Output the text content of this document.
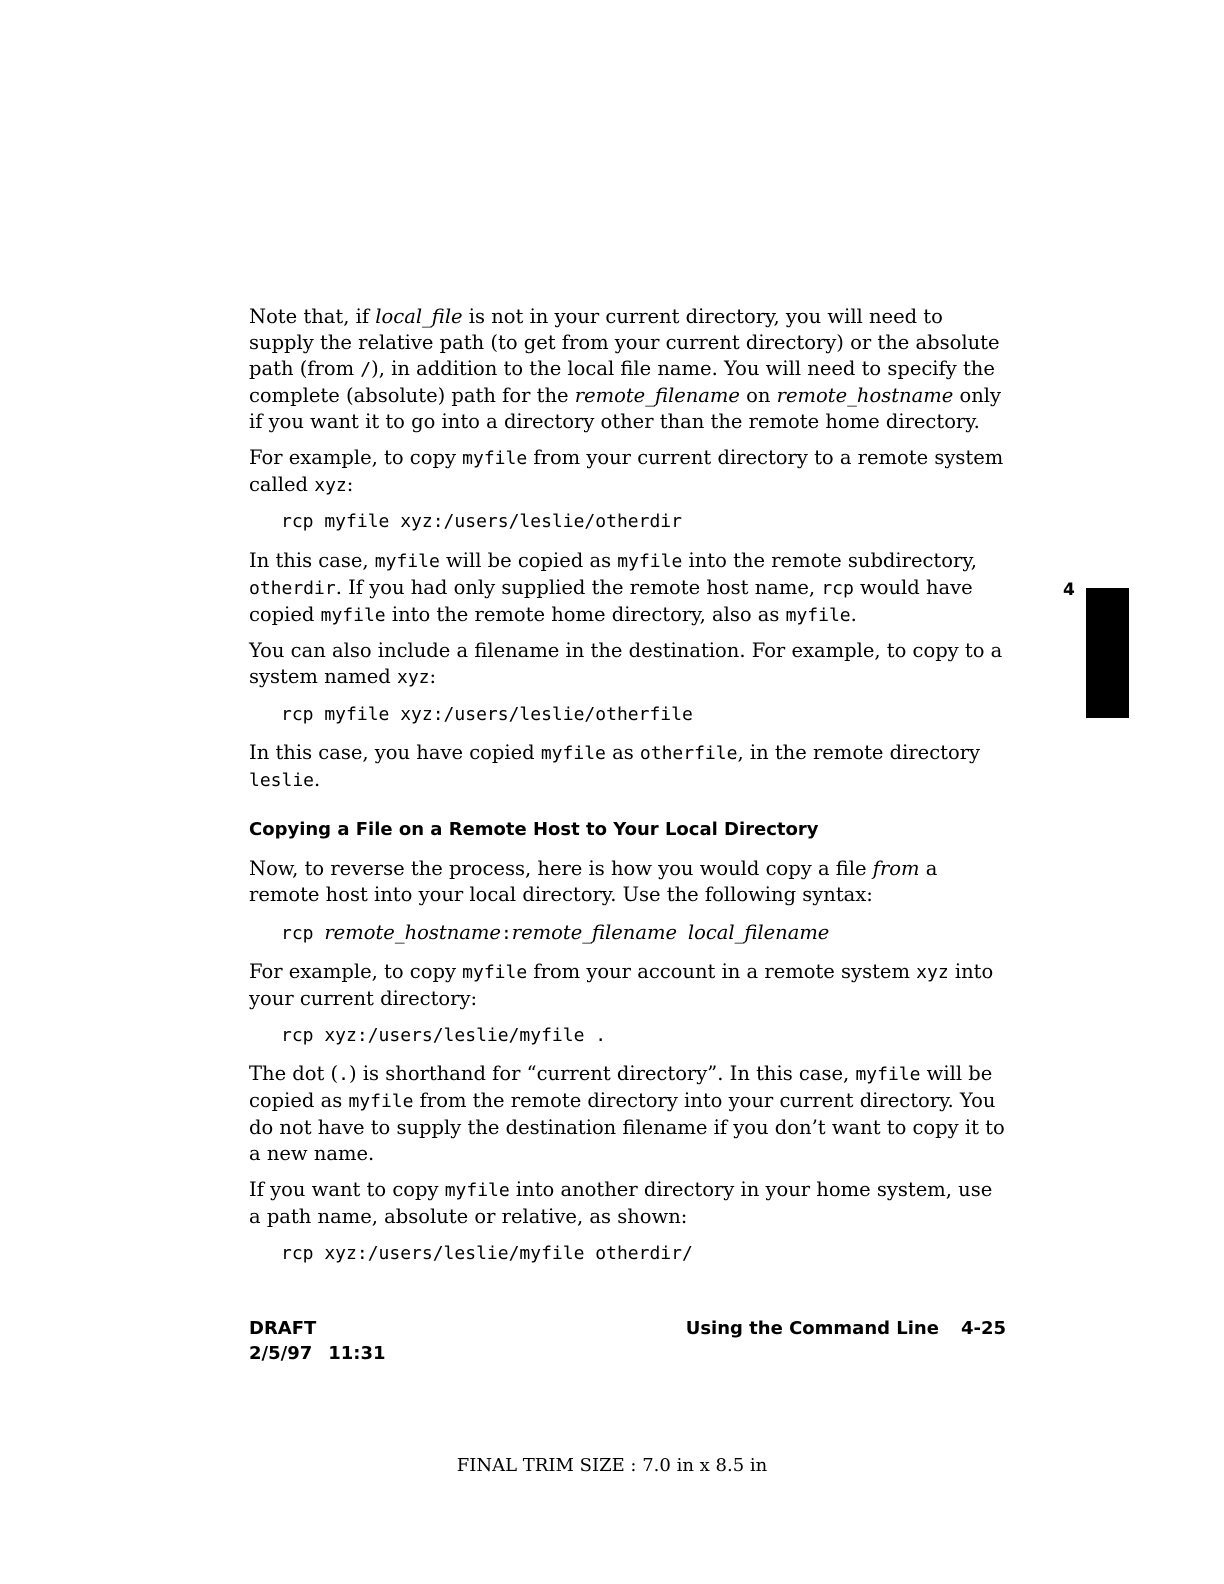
Note that, if local_file is not in your current directory, you will need to supply the relative path (to get from your current directory) or the absolute path (from /), in addition to the local file name. You will need to specify the complete (absolute) path for the remote_filename on remote_hostname only if you want it to go into a directory other than the remote home directory.

For example, to copy myfile from your current directory to a remote system called xyz:

rcp myfile xyz:/users/leslie/otherdir

In this case, myfile will be copied as myfile into the remote subdirectory, otherdir. If you had only supplied the remote host name, rcp would have copied myfile into the remote home directory, also as myfile.

You can also include a filename in the destination. For example, to copy to a system named xyz:

rcp myfile xyz:/users/leslie/otherfile

In this case, you have copied myfile as otherfile, in the remote directory leslie.

Copying a File on a Remote Host to Your Local Directory

Now, to reverse the process, here is how you would copy a file from a remote host into your local directory. Use the following syntax:

rcp remote_hostname:remote_filename local_filename

For example, to copy myfile from your account in a remote system xyz into your current directory:

rcp xyz:/users/leslie/myfile .

The dot (.) is shorthand for “current directory”. In this case, myfile will be copied as myfile from the remote directory into your current directory. You do not have to supply the destination filename if you don’t want to copy it to a new name.

If you want to copy myfile into another directory in your home system, use a path name, absolute or relative, as shown:

rcp xyz:/users/leslie/myfile otherdir/
4
DRAFT
2/5/97 11:31
Using the Command Line 4-25
FINAL TRIM SIZE : 7.0 in x 8.5 in
